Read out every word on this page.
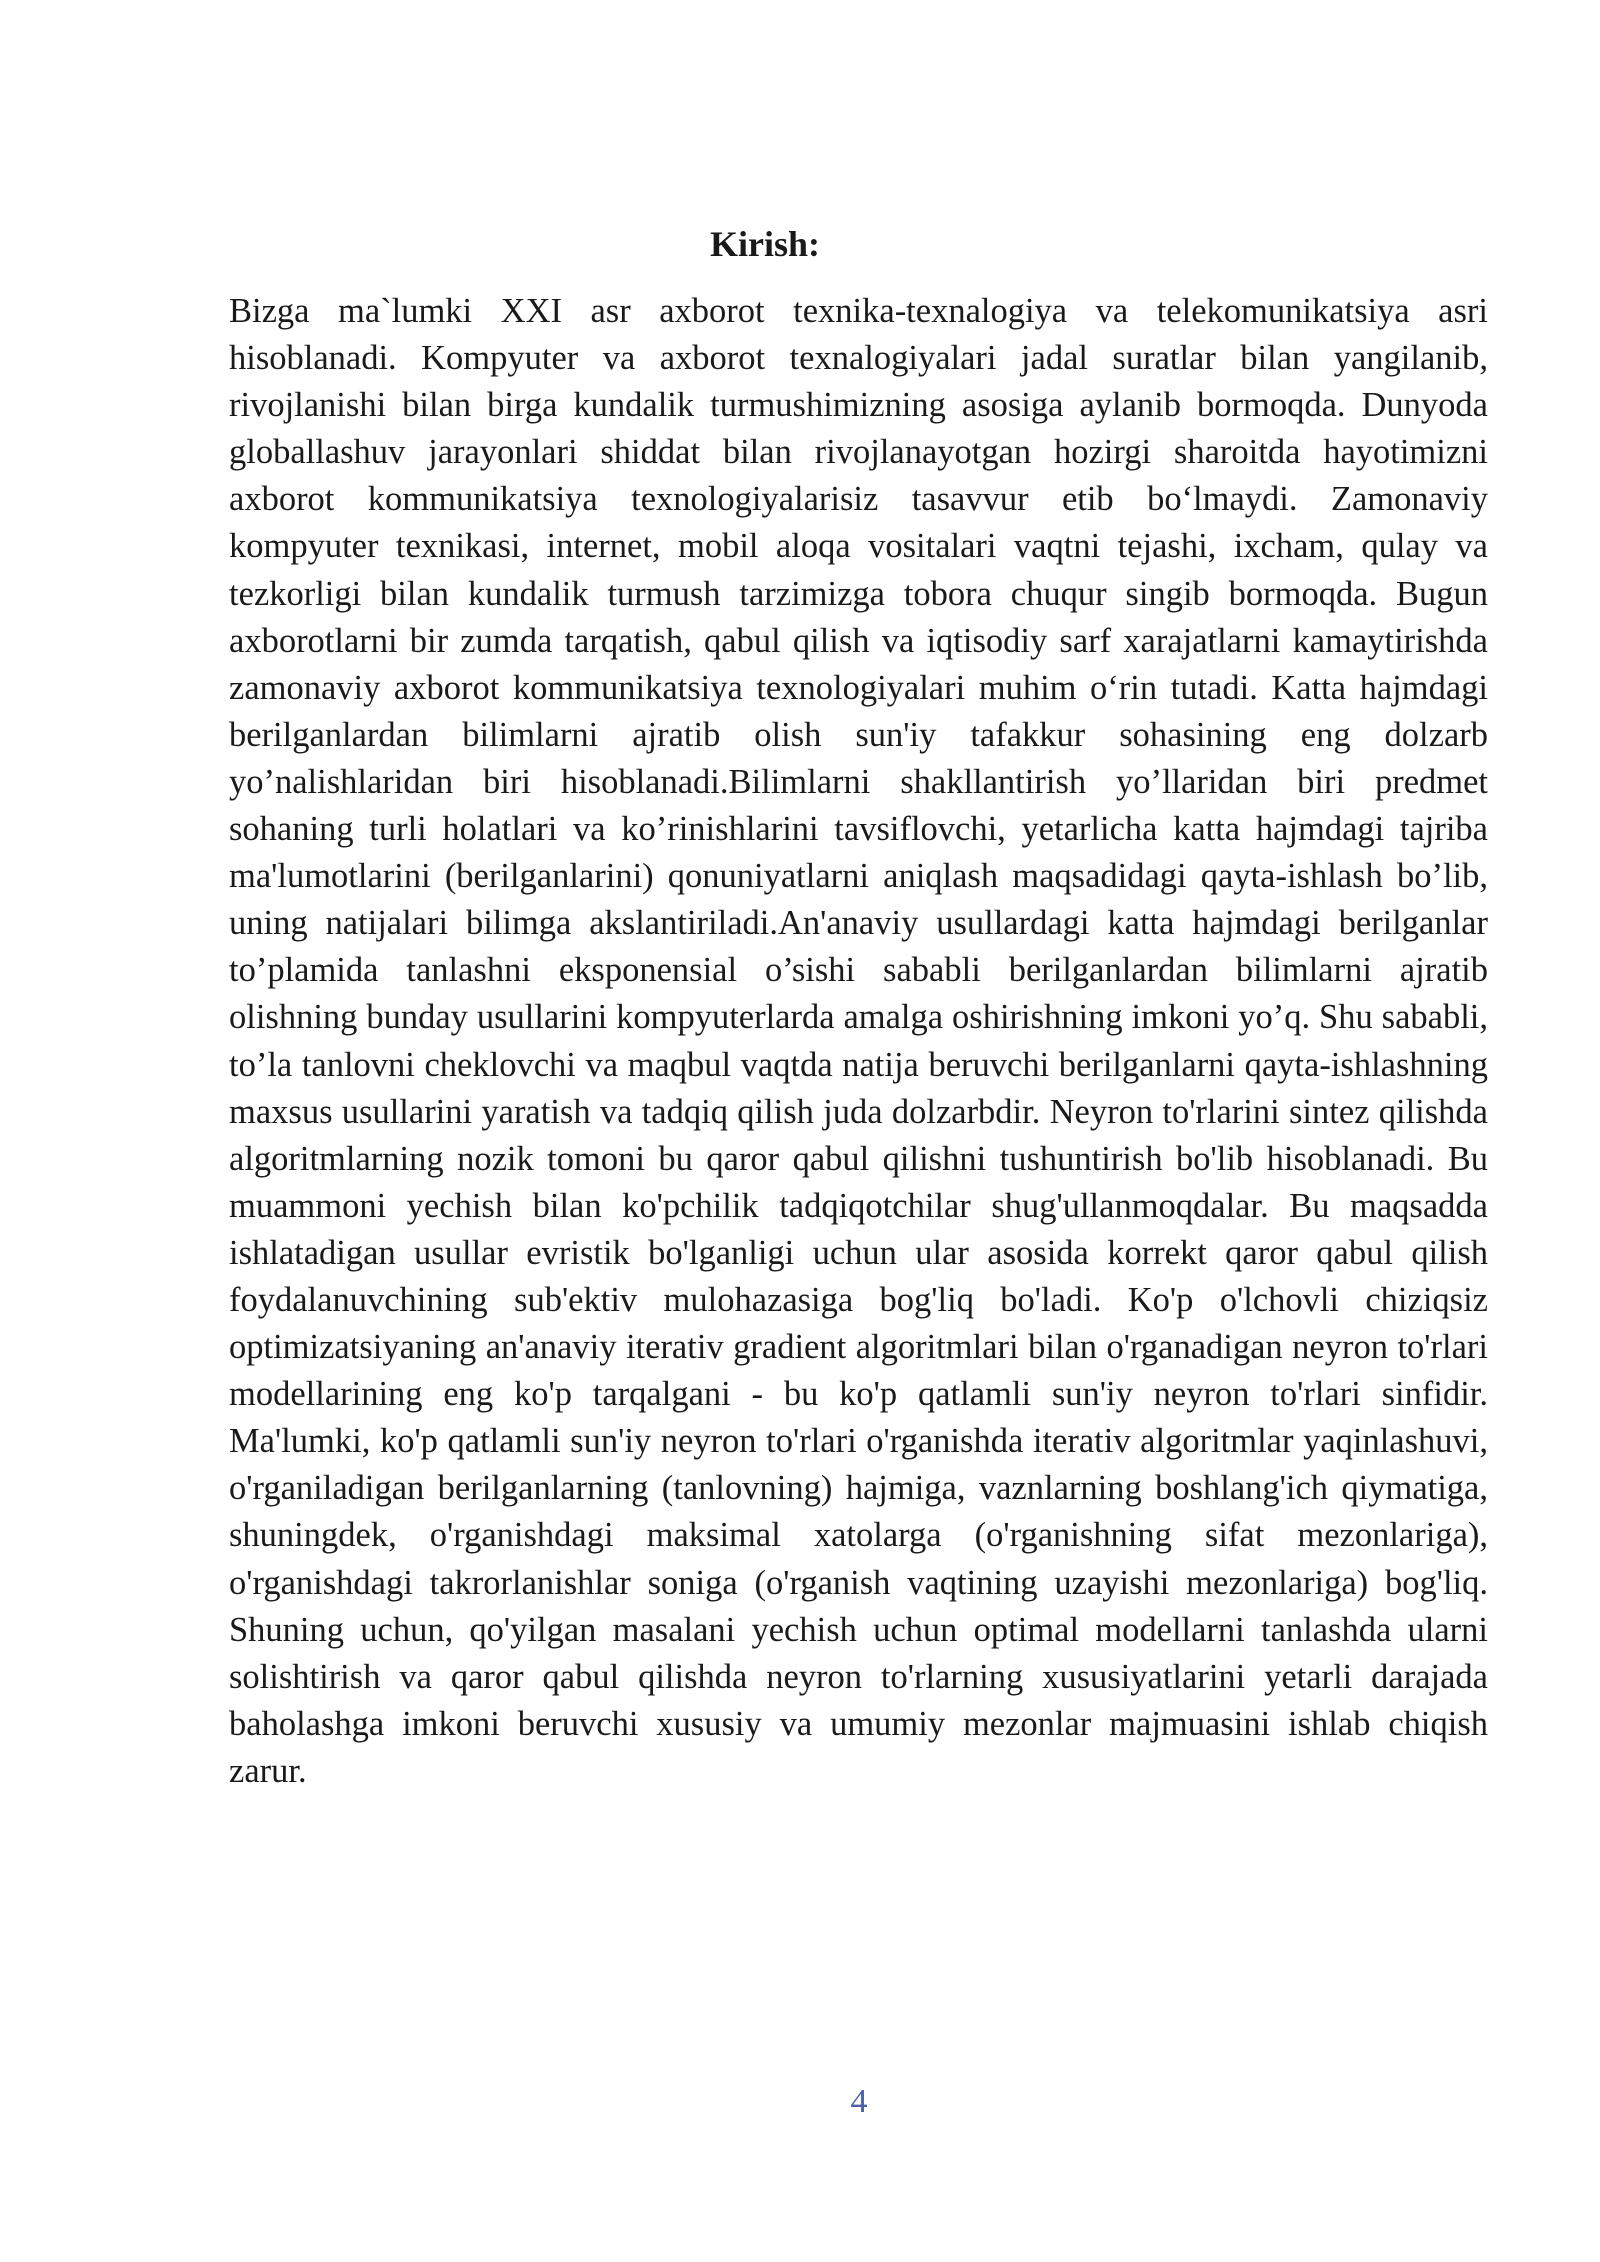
Kirish:

Bizga ma`lumki XXI asr axborot texnika-texnalogiya va telekomunikatsiya asri hisoblanadi. Kompyuter va axborot texnalogiyalari jadal suratlar bilan yangilanib, rivojlanishi bilan birga kundalik turmushimizning asosiga aylanib bormoqda. Dunyoda globallashuv jarayonlari shiddat bilan rivojlanayotgan hozirgi sharoitda hayotimizni axborot kommunikatsiya texnologiyalarisiz tasavvur etib bo‘lmaydi. Zamonaviy kompyuter texnikasi, internet, mobil aloqa vositalari vaqtni tejashi, ixcham, qulay va tezkorligi bilan kundalik turmush tarzimizga tobora chuqur singib bormoqda. Bugun axborotlarni bir zumda tarqatish, qabul qilish va iqtisodiy sarf xarajatlarni kamaytirishda zamonaviy axborot kommunikatsiya texnologiyalari muhim o‘rin tutadi. Katta hajmdagi berilganlardan bilimlarni ajratib olish sun'iy tafakkur sohasining eng dolzarb yo’nalishlaridan biri hisoblanadi.Bilimlarni shakllantirish yo’llaridan biri predmet sohaning turli holatlari va ko’rinishlarini tavsiflovchi, yetarlicha katta hajmdagi tajriba ma'lumotlarini (berilganlarini) qonuniyatlarni aniqlash maqsadidagi qayta-ishlash bo’lib, uning natijalari bilimga akslantiriladi.An'anaviy usullardagi katta hajmdagi berilganlar to’plamida tanlashni eksponensial o’sishi sababli berilganlardan bilimlarni ajratib olishning bunday usullarini kompyuterlarda amalga oshirishning imkoni yo’q. Shu sababli, to’la tanlovni cheklovchi va maqbul vaqtda natija beruvchi berilganlarni qayta-ishlashning maxsus usullarini yaratish va tadqiq qilish juda dolzarbdir. Neyron to'rlarini sintez qilishda algoritmlarning nozik tomoni bu qaror qabul qilishni tushuntirish bo'lib hisoblanadi. Bu muammoni yechish bilan ko'pchilik tadqiqotchilar shug'ullanmoqdalar. Bu maqsadda ishlatadigan usullar evristik bo'lganligi uchun ular asosida korrekt qaror qabul qilish foydalanuvchining sub'ektiv mulohazasiga bog'liq bo'ladi. Ko'p o'lchovli chiziqsiz optimizatsiyaning an'anaviy iterativ gradient algoritmlari bilan o'rganadigan neyron to'rlari modellarining eng ko'p tarqalgani - bu ko'p qatlamli sun'iy neyron to'rlari sinfidir. Ma'lumki, ko'p qatlamli sun'iy neyron to'rlari o'rganishda iterativ algoritmlar yaqinlashuvi, o'rganiladigan berilganlarning (tanlovning) hajmiga, vaznlarning boshlang'ich qiymatiga, shuningdek, o'rganishdagi maksimal xatolarga (o'rganishning sifat mezonlariga), o'rganishdagi takrorlanishlar soniga (o'rganish vaqtining uzayishi mezonlariga) bog'liq. Shuning uchun, qo'yilgan masalani yechish uchun optimal modellarni tanlashda ularni solishtirish va qaror qabul qilishda neyron to'rlarning xususiyatlarini yetarli darajada baholashga imkoni beruvchi xususiy va umumiy mezonlar majmuasini ishlab chiqish zarur.

4
